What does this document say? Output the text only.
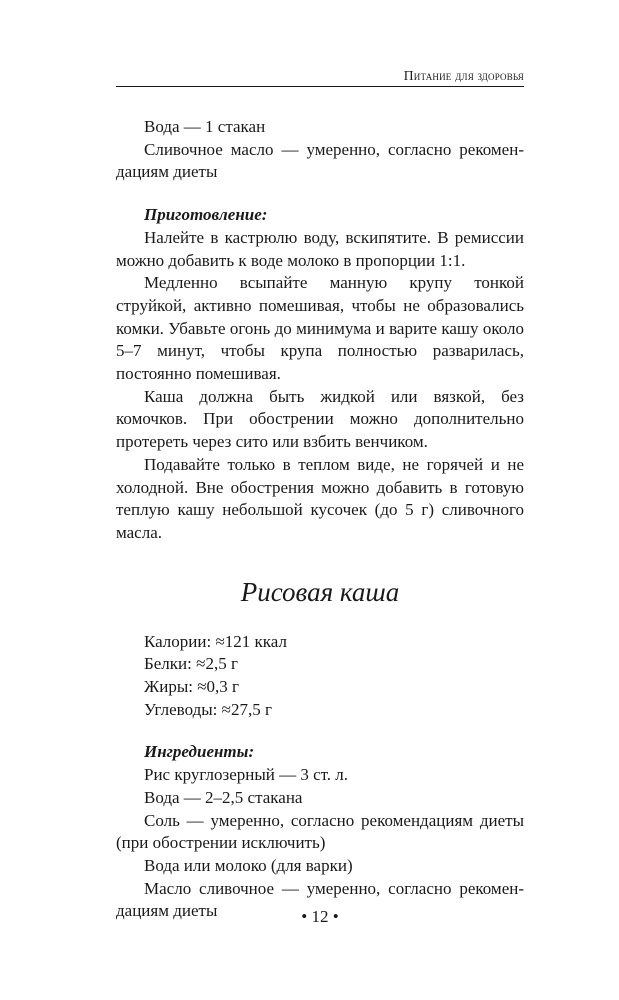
Питание для здоровья

Вода — 1 стакан

Сливочное масло — умеренно, согласно рекомен-

дациям диеты

Приготовление:

Налейте в кастрюлю воду, вскипятите. В ремиссии можно добавить к воде молоко в пропорции 1:1.

Медленно всыпайте манную крупу тонкой струйкой, активно помешивая, чтобы не образовались комки. Убавьте огонь до минимума и варите кашу около 5–7 минут, чтобы крупа полностью разварилась, постоянно помешивая.

Каша должна быть жидкой или вязкой, без комочков. При обострении можно дополнительно протереть через сито или взбить венчиком.

Подавайте только в теплом виде, не горячей и не холодной. Вне обострения можно добавить в готовую теплую кашу небольшой кусочек (до 5 г) сливочного масла.

Рисовая каша

Калории: ≈121 ккал

Белки: ≈2,5 г

Жиры: ≈0,3 г

Углеводы: ≈27,5 г

Ингредиенты:

Рис круглозерный — 3 ст. л.

Вода — 2–2,5 стакана

Соль — умеренно, согласно рекомендациям диеты (при обострении исключить)

Вода или молоко (для варки)

Масло сливочное — умеренно, согласно рекомен-

дациям диеты	• 12 •
